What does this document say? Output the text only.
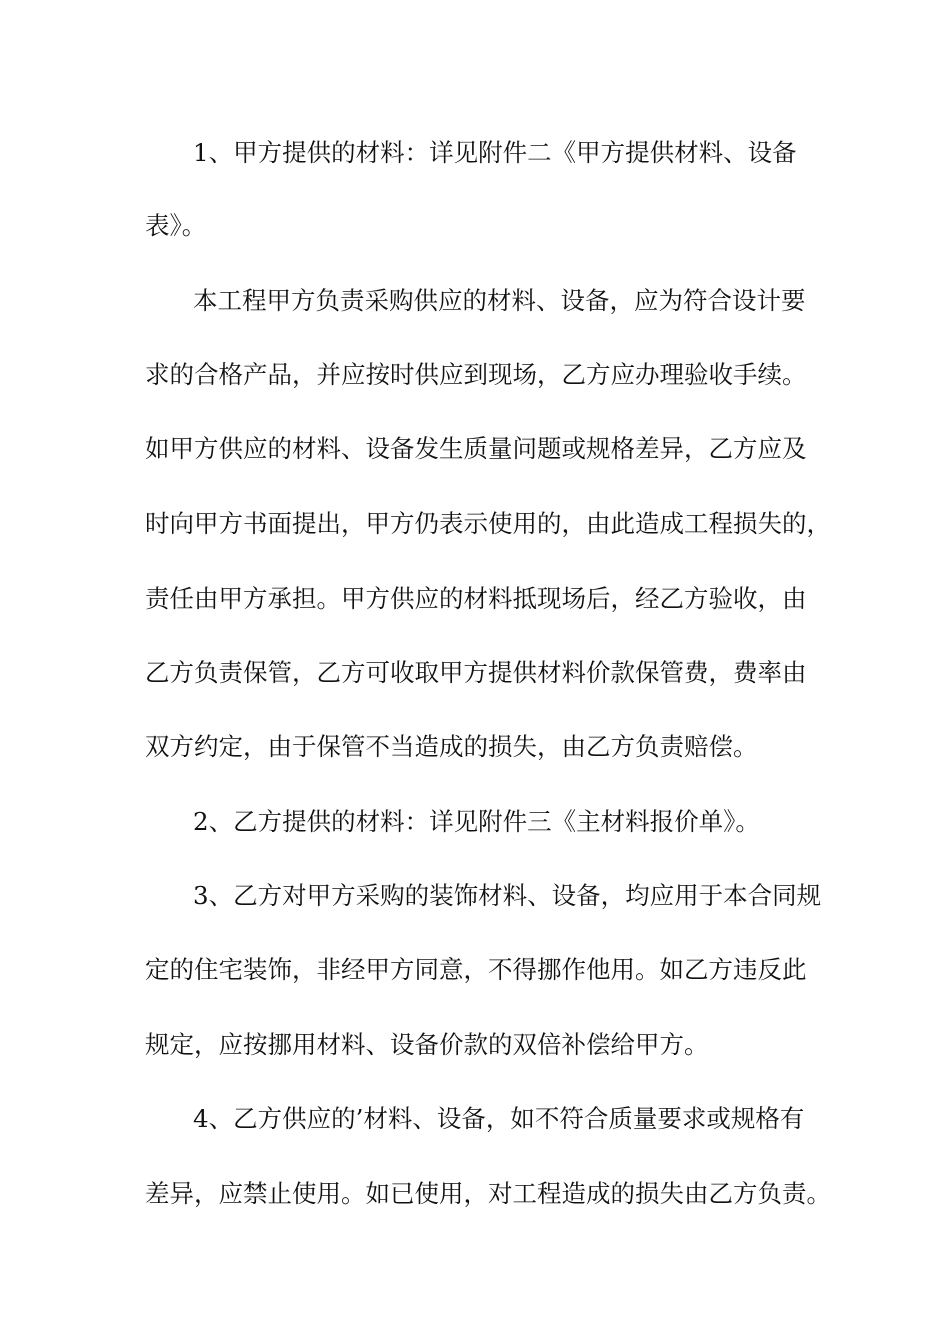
1、甲方提供的材料：详见附件二《甲方提供材料、设备
表》。
本工程甲方负责采购供应的材料、设备，应为符合设计要
求的合格产品，并应按时供应到现场，乙方应办理验收手续。
如甲方供应的材料、设备发生质量问题或规格差异，乙方应及
时向甲方书面提出，甲方仍表示使用的，由此造成工程损失的，
责任由甲方承担。甲方供应的材料抵现场后，经乙方验收，由
乙方负责保管，乙方可收取甲方提供材料价款保管费，费率由
双方约定，由于保管不当造成的损失，由乙方负责赔偿。
2、乙方提供的材料：详见附件三《主材料报价单》。
3、乙方对甲方采购的装饰材料、设备，均应用于本合同规
定的住宅装饰，非经甲方同意，不得挪作他用。如乙方违反此
规定，应按挪用材料、设备价款的双倍补偿给甲方。
4、乙方供应的’材料、设备，如不符合质量要求或规格有
差异，应禁止使用。如已使用，对工程造成的损失由乙方负责。
